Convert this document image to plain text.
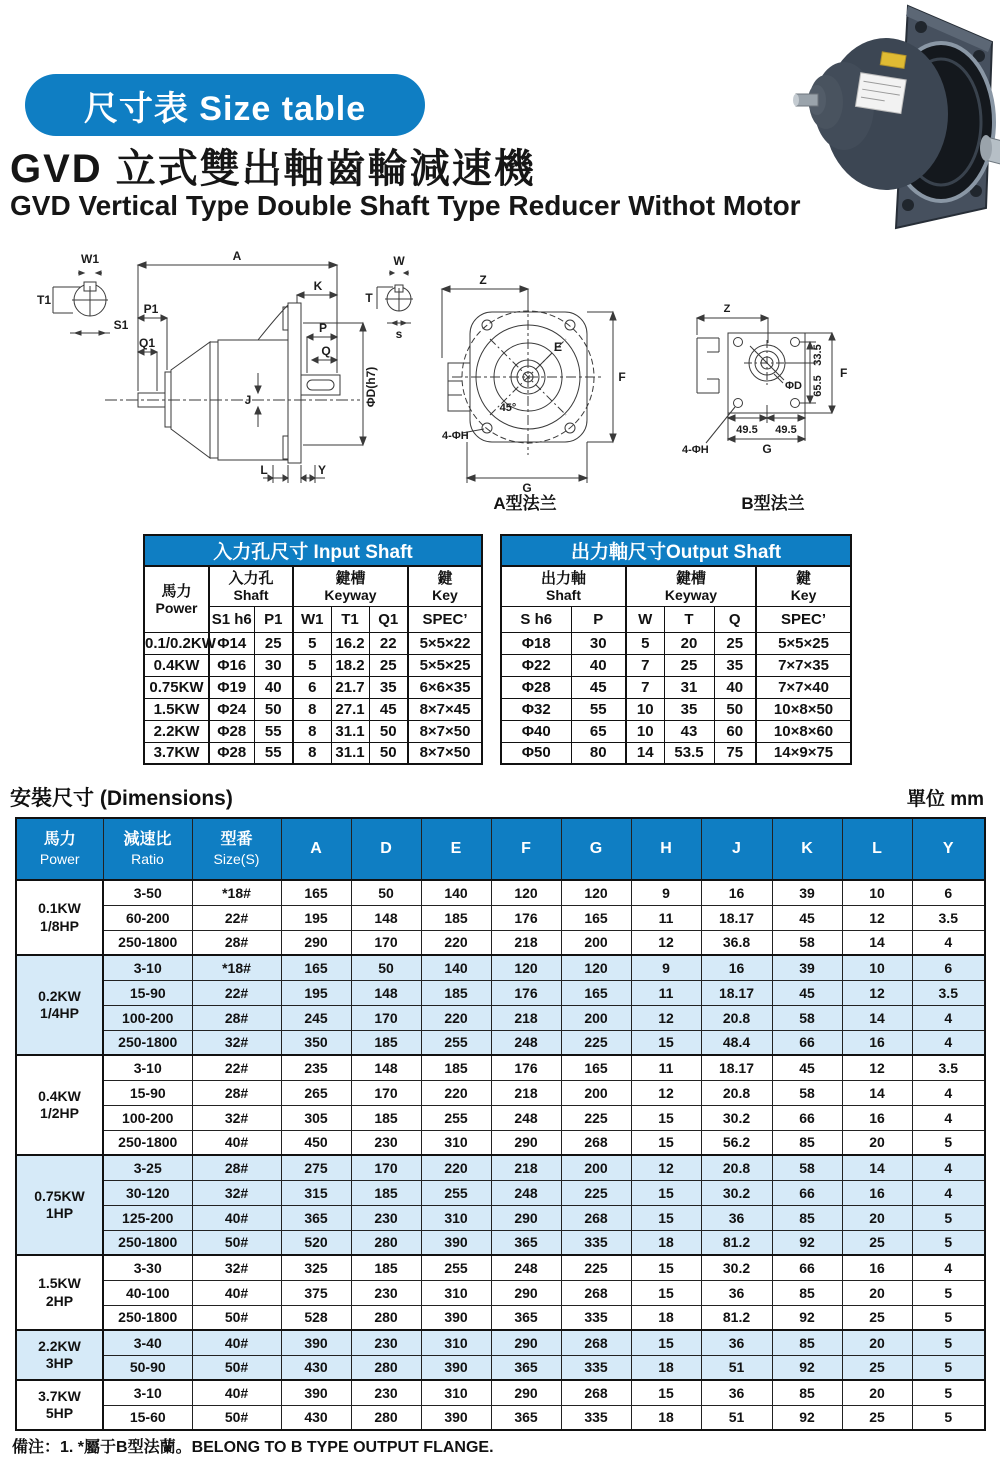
尺寸表 Size table
GVD 立式雙出軸齒輪減速機
GVD Vertical Type Double Shaft Type Reducer Withot Motor
W1
T1
S1
A
K
P1
Q1
P
Q
J	ΦD(h7)
L	Y
W
T
s
Z
E
F
45°
4-ΦH
G
Z
33.5
65.5
F
ΦD
4-ΦH
49.5 49.5
G
A型法兰	B型法兰
入力孔尺寸 Input Shaft						

馬力
Power

入力孔
Shaft

鍵槽
Keyway

鍵
Key

	S1 h6	P1	W1	T1	Q1	SPEC’
0.1/0.2KW	Φ14	25	5	16.2	22	5×5×22
0.4KW	Φ16	30	5	18.2	25	5×5×25
0.75KW	Φ19	40	6	21.7	35	6×6×35
1.5KW	Φ24	50	8	27.1	45	8×7×45
2.2KW	Φ28	55	8	31.1	50	8×7×50
3.7KW	Φ28	55	8	31.1	50	8×7×50
出力軸尺寸Output Shaft					

出力軸
Shaft

鍵槽
Keyway

鍵
Key

S h6	P	W	T	Q	SPEC’
Φ18	30	5	20	25	5×5×25
Φ22	40	7	25	35	7×7×35
Φ28	45	7	31	40	7×7×40
Φ32	55	10	35	50	10×8×50
Φ40	65	10	43	60	10×8×60
Φ50	80	14	53.5	75	14×9×75
安裝尺寸 (Dimensions)	單位 mm
馬力
Power

減速比
Ratio

型番
Size(S)
	A	D	E	F	G	H	J	K	L	Y

0.1KW
1/8HP	3-50	*18#	165	50	140	120	120	9	16	39	10	6
	60-200	22#	195	148	185	176	165	11	18.17	45	12	3.5
	250-1800	28#	290	170	220	218	200	12	36.8	58	14	4

0.2KW
1/4HP	3-10	*18#	165	50	140	120	120	9	16	39	10	6
	15-90	22#	195	148	185	176	165	11	18.17	45	12	3.5
	100-200	28#	245	170	220	218	200	12	20.8	58	14	4
	250-1800	32#	350	185	255	248	225	15	48.4	66	16	4

0.4KW
1/2HP	3-10	22#	235	148	185	176	165	11	18.17	45	12	3.5
	15-90	28#	265	170	220	218	200	12	20.8	58	14	4
	100-200	32#	305	185	255	248	225	15	30.2	66	16	4
	250-1800	40#	450	230	310	290	268	15	56.2	85	20	5

0.75KW
1HP	3-25	28#	275	170	220	218	200	12	20.8	58	14	4
	30-120	32#	315	185	255	248	225	15	30.2	66	16	4
	125-200	40#	365	230	310	290	268	15	36	85	20	5
	250-1800	50#	520	280	390	365	335	18	81.2	92	25	5

1.5KW
2HP	3-30	32#	325	185	255	248	225	15	30.2	66	16	4
	40-100	40#	375	230	310	290	268	15	36	85	20	5
	250-1800	50#	528	280	390	365	335	18	81.2	92	25	5

2.2KW
3HP	3-40	40#	390	230	310	290	268	15	36	85	20	5
	50-90	50#	430	280	390	365	335	18	51	92	25	5

3.7KW
5HP	3-10	40#	390	230	310	290	268	15	36	85	20	5
	15-60	50#	430	280	390	365	335	18	51	92	25	5
備注：1. *屬于B型法蘭。BELONG TO B TYPE OUTPUT FLANGE.
